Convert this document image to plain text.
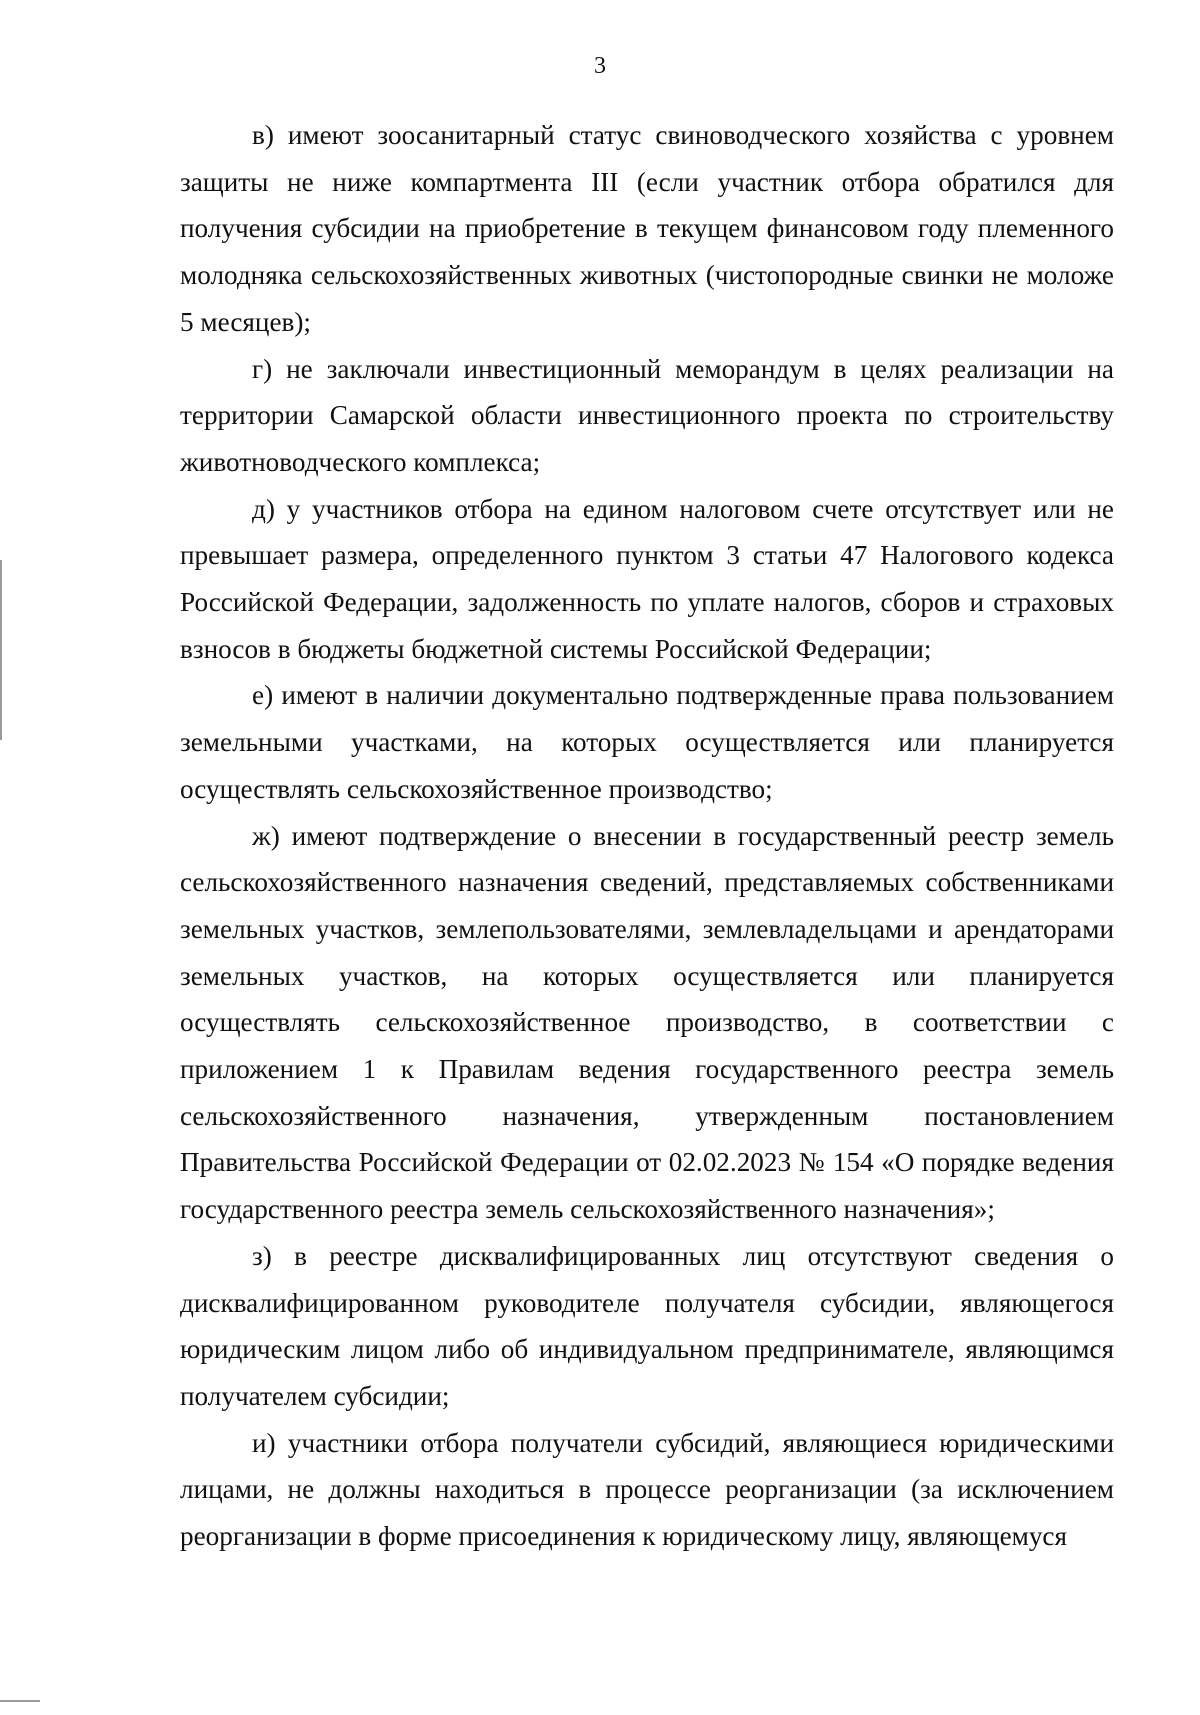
3

в) имеют зоосанитарный статус свиноводческого хозяйства с уровнем защиты не ниже компартмента III (если участник отбора обратился для получения субсидии на приобретение в текущем финансовом году племенного молодняка сельскохозяйственных животных (чистопородные свинки не моложе 5 месяцев);

г) не заключали инвестиционный меморандум в целях реализации на территории Самарской области инвестиционного проекта по строительству животноводческого комплекса;

д) у участников отбора на едином налоговом счете отсутствует или не превышает размера, определенного пунктом 3 статьи 47 Налогового кодекса Российской Федерации, задолженность по уплате налогов, сборов и страховых взносов в бюджеты бюджетной системы Российской Федерации;

е) имеют в наличии документально подтвержденные права пользованием земельными участками, на которых осуществляется или планируется осуществлять сельскохозяйственное производство;

ж) имеют подтверждение о внесении в государственный реестр земель сельскохозяйственного назначения сведений, представляемых собственниками земельных участков, землепользователями, землевладельцами и арендаторами земельных участков, на которых осуществляется или планируется осуществлять сельскохозяйственное производство, в соответствии с приложением 1 к Правилам ведения государственного реестра земель сельскохозяйственного назначения, утвержденным постановлением Правительства Российской Федерации от 02.02.2023 № 154 «О порядке ведения государственного реестра земель сельскохозяйственного назначения»;

з) в реестре дисквалифицированных лиц отсутствуют сведения о дисквалифицированном руководителе получателя субсидии, являющегося юридическим лицом либо об индивидуальном предпринимателе, являющимся получателем субсидии;

и) участники отбора получатели субсидий, являющиеся юридическими лицами, не должны находиться в процессе реорганизации (за исключением реорганизации в форме присоединения к юридическому лицу, являющемуся
